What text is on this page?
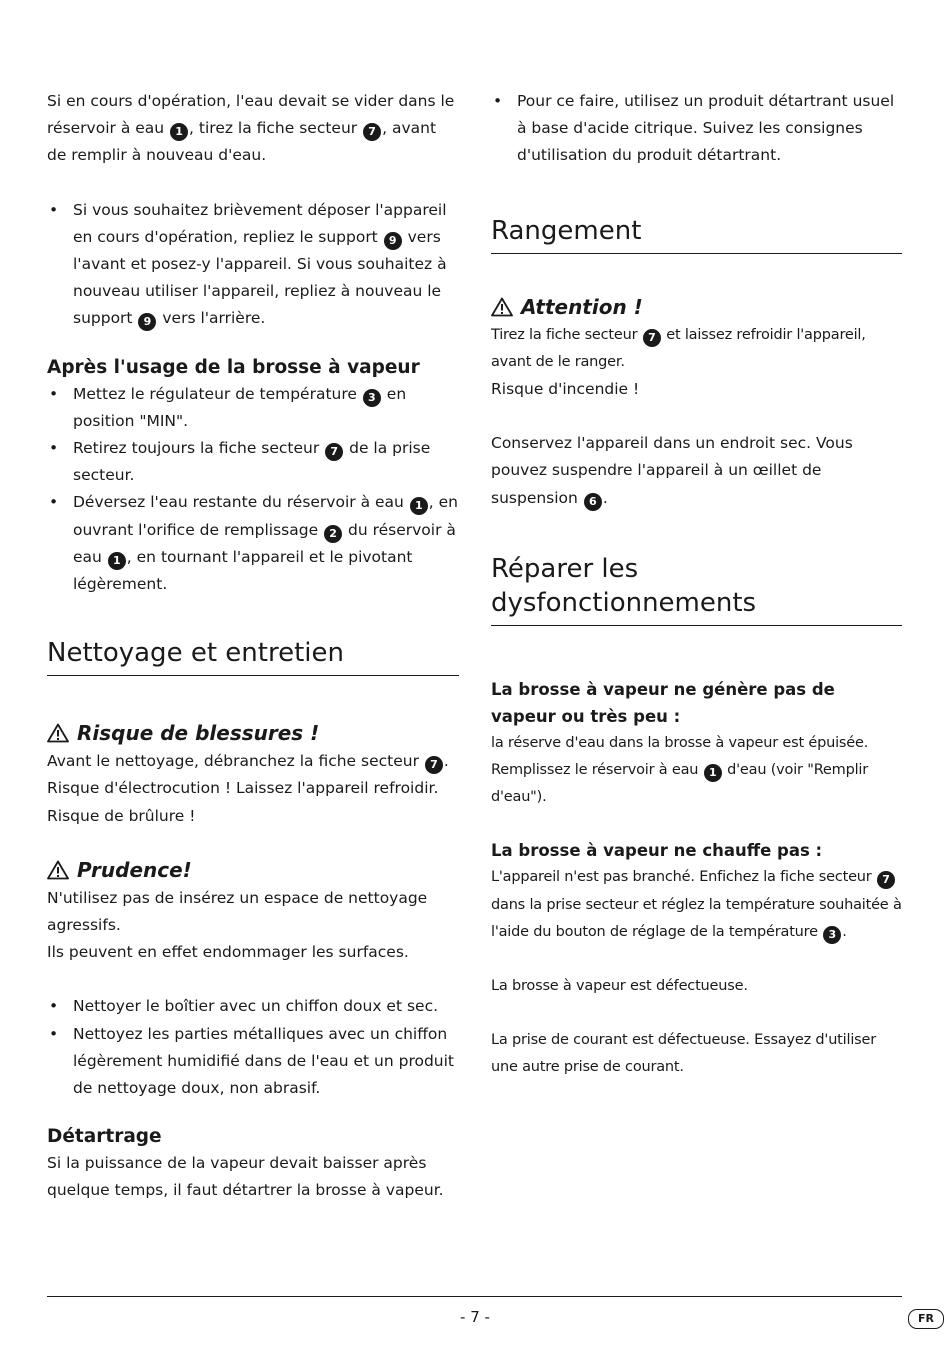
Si en cours d'opération, l'eau devait se vider dans le réservoir à eau 1 , tirez la fiche secteur 7 , avant de remplir à nouveau d'eau.

• Si vous souhaitez brièvement déposer l'appareil en cours d'opération, repliez le support 9 vers l'avant et posez-y l'appareil. Si vous souhaitez à nouveau utiliser l'appareil, repliez à nouveau le support 9 vers l'arrière.
Après l'usage de la brosse à vapeur
• Mettez le régulateur de température 3 en position "MIN".
• Retirez toujours la fiche secteur 7 de la prise secteur.
• Déversez l'eau restante du réservoir à eau 1 , en ouvrant l'orifice de remplissage 2 du réservoir à eau 1 , en tournant l'appareil et le pivotant légèrement.
Nettoyage et entretien
Risque de blessures !

Avant le nettoyage, débranchez la fiche secteur 7 . Risque d'électrocution ! Laissez l'appareil refroidir. Risque de brûlure !

Prudence!

N'utilisez pas de insérez un espace de nettoyage agressifs.

Ils peuvent en effet endommager les surfaces.

• Nettoyer le boîtier avec un chiffon doux et sec.
• Nettoyez les parties métalliques avec un chiffon légèrement humidifié dans de l'eau et un produit de nettoyage doux, non abrasif.
Détartrage

Si la puissance de la vapeur devait baisser après quelque temps, il faut détartrer la brosse à vapeur.

• Pour ce faire, utilisez un produit détartrant usuel à base d'acide citrique. Suivez les consignes d'utilisation du produit détartrant.
Rangement
Attention !

Tirez la fiche secteur 7 et laissez refroidir l'appareil, avant de le ranger.

Risque d'incendie !

Conservez l'appareil dans un endroit sec. Vous pouvez suspendre l'appareil à un œillet de suspension 6 .

Réparer les dysfonctionnements
La brosse à vapeur ne génère pas de vapeur ou très peu :

la réserve d'eau dans la brosse à vapeur est épuisée.

Remplissez le réservoir à eau 1 d'eau (voir "Remplir d'eau").

La brosse à vapeur ne chauffe pas :

L'appareil n'est pas branché. Enfichez la fiche secteur 7 dans la prise secteur et réglez la température souhaitée à l'aide du bouton de réglage de la température 3 .

La brosse à vapeur est défectueuse.

La prise de courant est défectueuse. Essayez d'utiliser une autre prise de courant.

- 7 -	FR
